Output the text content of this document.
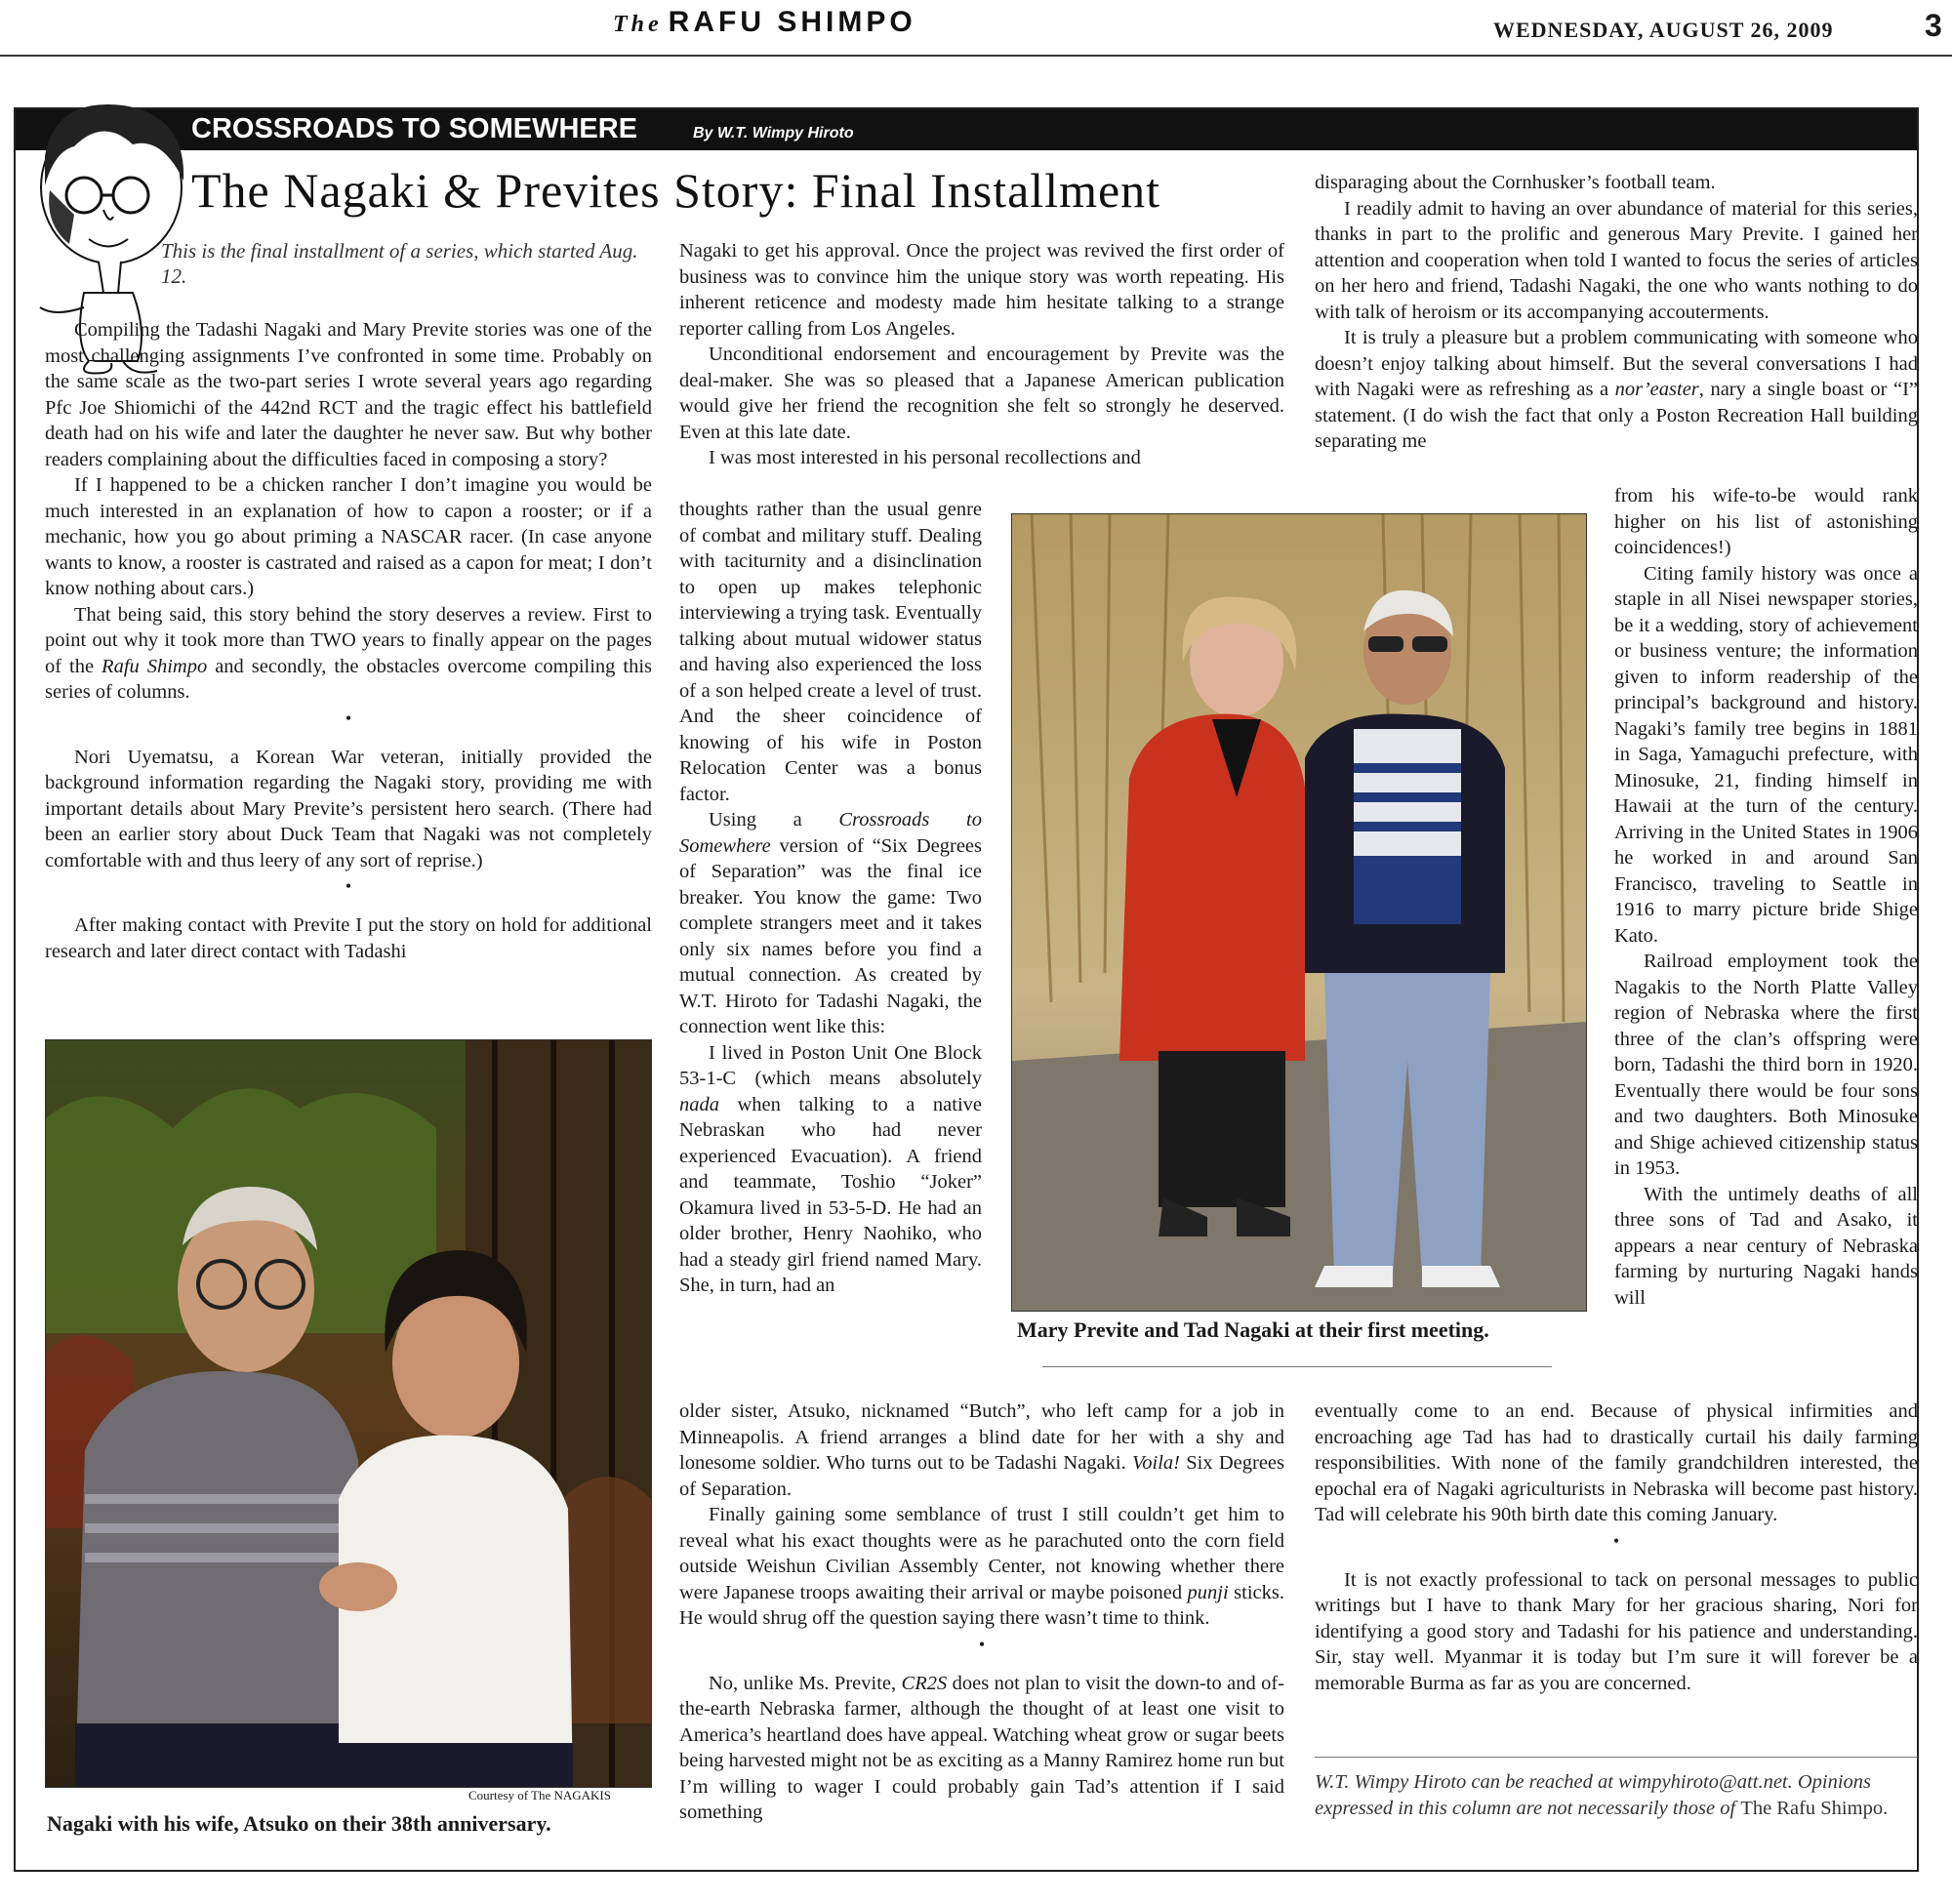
The RAFU SHIMPO	WEDNESDAY, AUGUST 26, 2009	3
CROSSROADS TO SOMEWHERE	By W.T. Wimpy Hiroto
The Nagaki & Prevites Story: Final Installment
This is the final installment of a series, which started Aug. 12.

Compiling the Tadashi Nagaki and Mary Previte stories was one of the most challenging assignments I’ve confronted in some time. Probably on the same scale as the two-part series I wrote several years ago regarding Pfc Joe Shiomichi of the 442nd RCT and the tragic effect his battlefield death had on his wife and later the daughter he never saw. But why bother readers complaining about the difficulties faced in composing a story?

If I happened to be a chicken rancher I don’t imagine you would be much interested in an explanation of how to capon a rooster; or if a mechanic, how you go about priming a NASCAR racer. (In case anyone wants to know, a rooster is castrated and raised as a capon for meat; I don’t know nothing about cars.)

That being said, this story behind the story deserves a review. First to point out why it took more than TWO years to finally appear on the pages of the Rafu Shimpo and secondly, the obstacles overcome compiling this series of columns.

•

Nori Uyematsu, a Korean War veteran, initially provided the background information regarding the Nagaki story, providing me with important details about Mary Previte’s persistent hero search. (There had been an earlier story about Duck Team that Nagaki was not completely comfortable with and thus leery of any sort of reprise.)

•

After making contact with Previte I put the story on hold for additional research and later direct contact with Tadashi

Courtesy of The NAGAKIS
Nagaki with his wife, Atsuko on their 38th anniversary.

Nagaki to get his approval. Once the project was revived the first order of business was to convince him the unique story was worth repeating. His inherent reticence and modesty made him hesitate talking to a strange reporter calling from Los Angeles.

Unconditional endorsement and encouragement by Previte was the deal-maker. She was so pleased that a Japanese American publication would give her friend the recognition she felt so strongly he deserved. Even at this late date.

I was most interested in his personal recollections and

thoughts rather than the usual genre of combat and military stuff. Dealing with taciturnity and a disinclination to open up makes telephonic interviewing a trying task. Eventually talking about mutual widower status and having also experienced the loss of a son helped create a level of trust. And the sheer coincidence of knowing of his wife in Poston Relocation Center was a bonus factor.

Using a Crossroads to Somewhere version of “Six Degrees of Separation” was the final ice breaker. You know the game: Two complete strangers meet and it takes only six names before you find a mutual connection. As created by W.T. Hiroto for Tadashi Nagaki, the connection went like this:

I lived in Poston Unit One Block 53-1-C (which means absolutely nada when talking to a native Nebraskan who had never experienced Evacuation). A friend and teammate, Toshio “Joker” Okamura lived in 53-5-D. He had an older brother, Henry Naohiko, who had a steady girl friend named Mary. She, in turn, had an

older sister, Atsuko, nicknamed “Butch”, who left camp for a job in Minneapolis. A friend arranges a blind date for her with a shy and lonesome soldier. Who turns out to be Tadashi Nagaki. Voila! Six Degrees of Separation.

Finally gaining some semblance of trust I still couldn’t get him to reveal what his exact thoughts were as he parachuted onto the corn field outside Weishun Civilian Assembly Center, not knowing whether there were Japanese troops awaiting their arrival or maybe poisoned punji sticks. He would shrug off the question saying there wasn’t time to think.

•

No, unlike Ms. Previte, CR2S does not plan to visit the down-to and of-the-earth Nebraska farmer, although the thought of at least one visit to America’s heartland does have appeal. Watching wheat grow or sugar beets being harvested might not be as exciting as a Manny Ramirez home run but I’m willing to wager I could probably gain Tad’s attention if I said something

Mary Previte and Tad Nagaki at their first meeting.

disparaging about the Cornhusker’s football team.

I readily admit to having an over abundance of material for this series, thanks in part to the prolific and generous Mary Previte. I gained her attention and cooperation when told I wanted to focus the series of articles on her hero and friend, Tadashi Nagaki, the one who wants nothing to do with talk of heroism or its accompanying accouterments.

It is truly a pleasure but a problem communicating with someone who doesn’t enjoy talking about himself. But the several conversations I had with Nagaki were as refreshing as a nor’easter, nary a single boast or “I” statement. (I do wish the fact that only a Poston Recreation Hall building separating me

from his wife-to-be would rank higher on his list of astonishing coincidences!)

Citing family history was once a staple in all Nisei newspaper stories, be it a wedding, story of achievement or business venture; the information given to inform readership of the principal’s background and history. Nagaki’s family tree begins in 1881 in Saga, Yamaguchi prefecture, with Minosuke, 21, finding himself in Hawaii at the turn of the century. Arriving in the United States in 1906 he worked in and around San Francisco, traveling to Seattle in 1916 to marry picture bride Shige Kato.

Railroad employment took the Nagakis to the North Platte Valley region of Nebraska where the first three of the clan’s offspring were born, Tadashi the third born in 1920. Eventually there would be four sons and two daughters. Both Minosuke and Shige achieved citizenship status in 1953.

With the untimely deaths of all three sons of Tad and Asako, it appears a near century of Nebraska farming by nurturing Nagaki hands will

eventually come to an end. Because of physical infirmities and encroaching age Tad has had to drastically curtail his daily farming responsibilities. With none of the family grandchildren interested, the epochal era of Nagaki agriculturists in Nebraska will become past history. Tad will celebrate his 90th birth date this coming January.

•

It is not exactly professional to tack on personal messages to public writings but I have to thank Mary for her gracious sharing, Nori for identifying a good story and Tadashi for his patience and understanding. Sir, stay well. Myanmar it is today but I’m sure it will forever be a memorable Burma as far as you are concerned.

W.T. Wimpy Hiroto can be reached at wimpyhiroto@att.net. Opinions expressed in this column are not necessarily those of The Rafu Shimpo.
